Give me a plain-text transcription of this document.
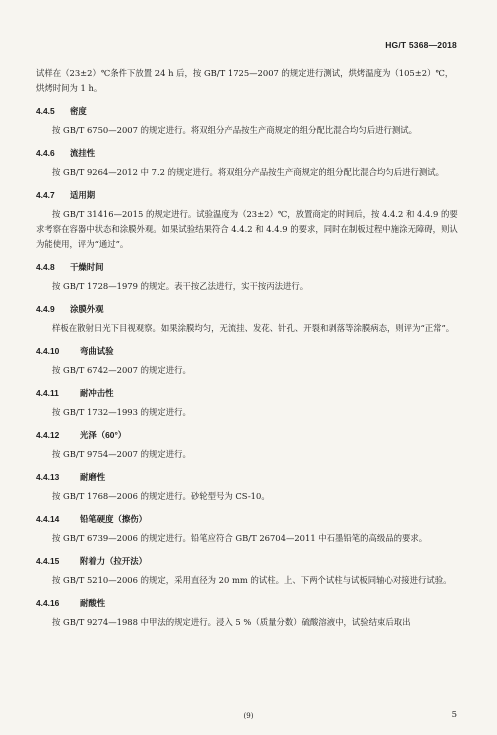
HG/T 5368—2018

试样在（23±2）℃条件下放置 24 h 后，按 GB/T 1725—2007 的规定进行测试，烘烤温度为（105±2）℃，烘烤时间为 1 h。

4.4.5 密度

按 GB/T 6750—2007 的规定进行。将双组分产品按生产商规定的组分配比混合均匀后进行测试。

4.4.6 流挂性

按 GB/T 9264—2012 中 7.2 的规定进行。将双组分产品按生产商规定的组分配比混合均匀后进行测试。

4.4.7 适用期

按 GB/T 31416—2015 的规定进行。试验温度为（23±2）℃，放置商定的时间后，按 4.4.2 和 4.4.9 的要求考察在容器中状态和涂膜外观。如果试验结果符合 4.4.2 和 4.4.9 的要求，同时在制板过程中施涂无障碍，则认为能使用，评为“通过”。

4.4.8 干燥时间

按 GB/T 1728—1979 的规定。表干按乙法进行，实干按丙法进行。

4.4.9 涂膜外观

样板在散射日光下目视观察。如果涂膜均匀，无流挂、发花、针孔、开裂和剥落等涂膜病态，则评为“正常”。

4.4.10 弯曲试验

按 GB/T 6742—2007 的规定进行。

4.4.11	耐冲击性

按 GB/T 1732—1993 的规定进行。

4.4.12 光泽（60°）

按 GB/T 9754—2007 的规定进行。

4.4.13 耐磨性

按 GB/T 1768—2006 的规定进行。砂轮型号为 CS-10。

4.4.14 铅笔硬度（擦伤）

按 GB/T 6739—2006 的规定进行。铅笔应符合 GB/T 26704—2011 中石墨铅笔的高级品的要求。

4.4.15 附着力（拉开法）

按 GB/T 5210—2006 的规定，采用直径为 20 mm 的试柱。上、下两个试柱与试板同轴心对接进行试验。

4.4.16 耐酸性

按 GB/T 9274—1988 中甲法的规定进行。浸入 5 %（质量分数）硫酸溶液中，试验结束后取出

(9)	5
